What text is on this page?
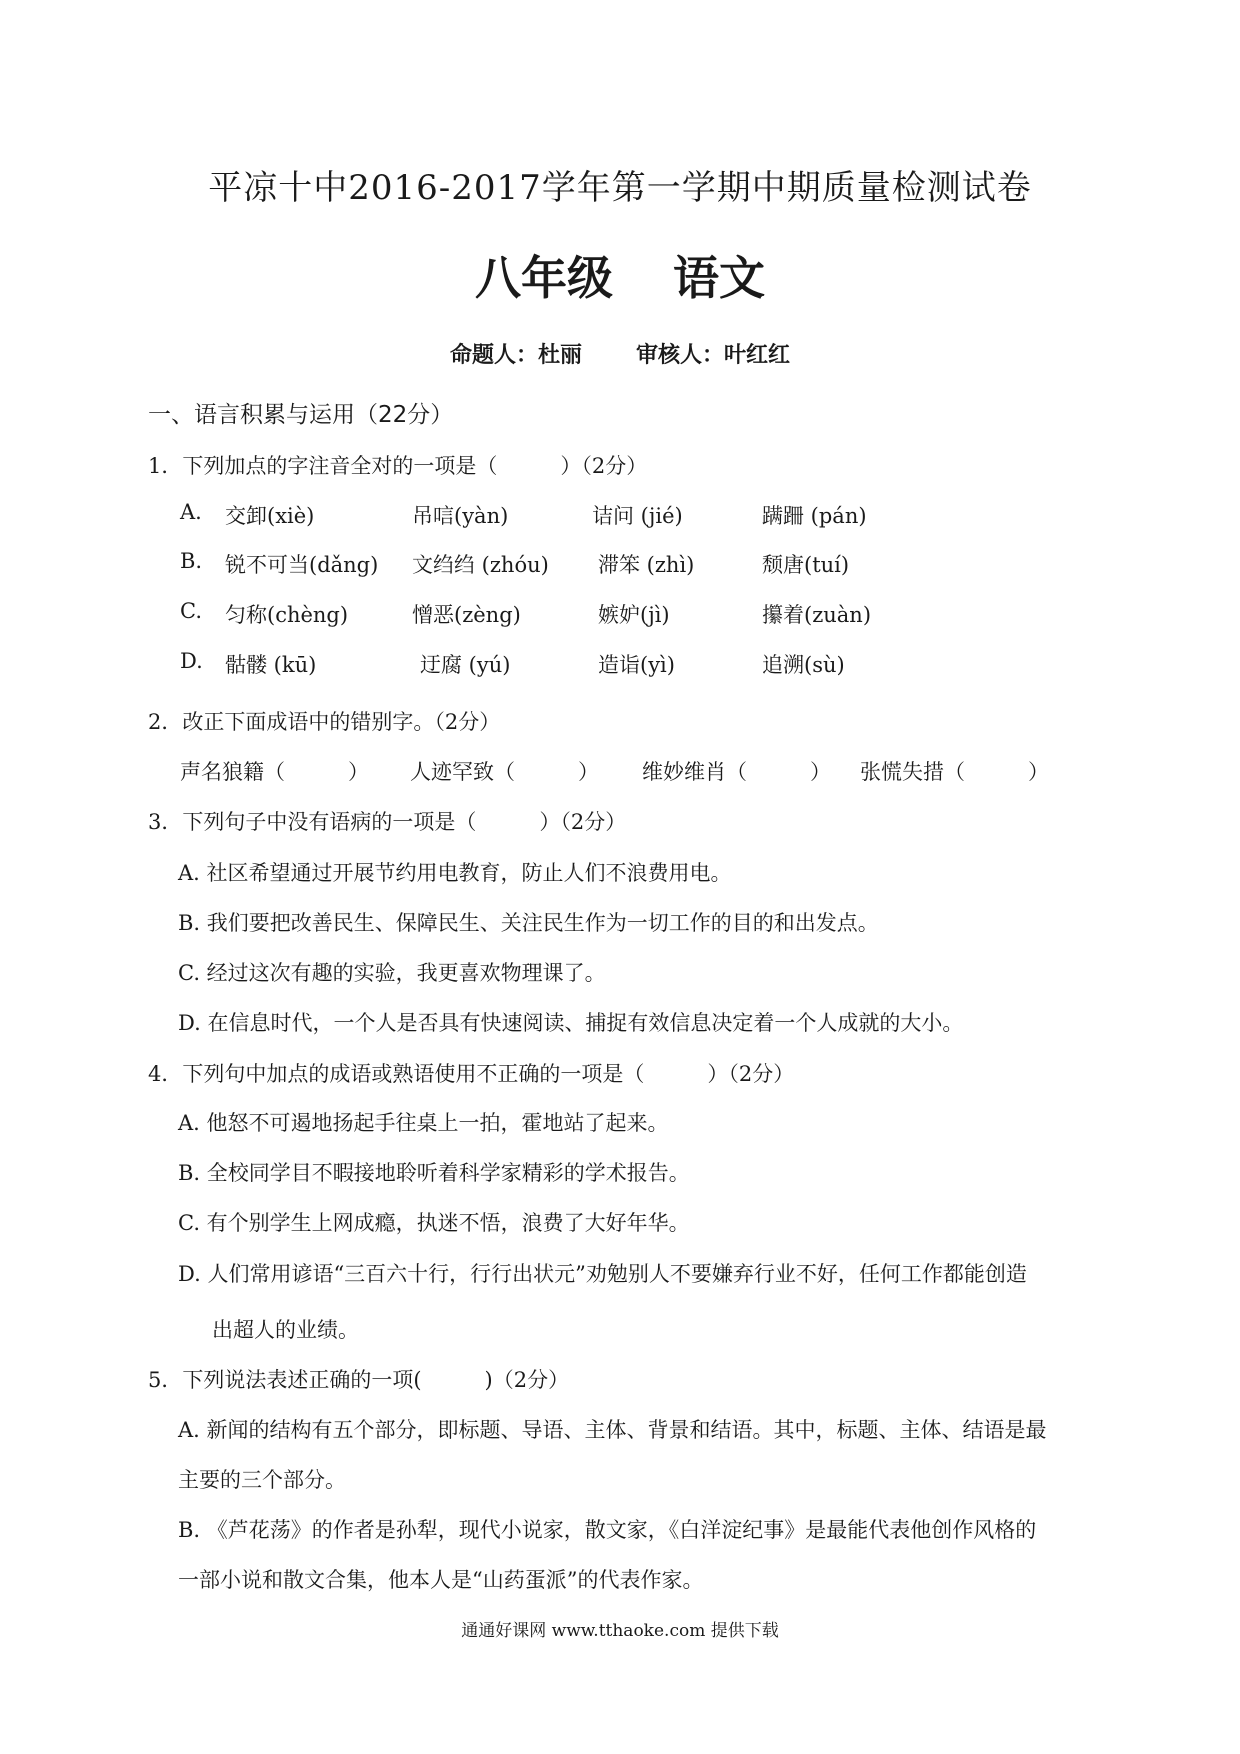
平凉十中2016-2017学年第一学期中期质量检测试卷
八年级 语文
命题人：杜丽 审核人：叶红红
一、语言积累与运用（22分）
1．下列加点的字注音全对的一项是（　　　）（2分）
A. 交卸(xiè)	吊唁(yàn)	诘问 (jié)	蹒跚 (pán)
B. 锐不可当(dǎng) 文绉绉 (zhóu) 滞笨 (zhì)	颓唐(tuí)
C. 匀称(chèng)	憎恶(zèng)	嫉妒(jì)	攥着(zuàn)
D. 骷髅 (kū)	迂腐 (yú)	造诣(yì)	追溯(sù)
2．改正下面成语中的错别字。（2分）
声名狼籍（　　　） 人迹罕致（　　　） 维妙维肖（　　　） 张慌失措（　　　）
3．下列句子中没有语病的一项是（　　　）（2分）
A. 社区希望通过开展节约用电教育，防止人们不浪费用电。
B. 我们要把改善民生、保障民生、关注民生作为一切工作的目的和出发点。
C. 经过这次有趣的实验，我更喜欢物理课了。
D. 在信息时代，一个人是否具有快速阅读、捕捉有效信息决定着一个人成就的大小。
4．下列句中加点的成语或熟语使用不正确的一项是（　　　）（2分）
A. 他怒不可遏地扬起手往桌上一拍，霍地站了起来。
B. 全校同学目不暇接地聆听着科学家精彩的学术报告。
C. 有个别学生上网成瘾，执迷不悟，浪费了大好年华。
D. 人们常用谚语“三百六十行，行行出状元”劝勉别人不要嫌弃行业不好，任何工作都能创造
出超人的业绩。
5．下列说法表述正确的一项(　　　)（2分）
A. 新闻的结构有五个部分，即标题、导语、主体、背景和结语。其中，标题、主体、结语是最
主要的三个部分。
B. 《芦花荡》的作者是孙犁，现代小说家，散文家，《白洋淀纪事》是最能代表他创作风格的
一部小说和散文合集，他本人是“山药蛋派”的代表作家。
通通好课网 www.tthaoke.com 提供下载
